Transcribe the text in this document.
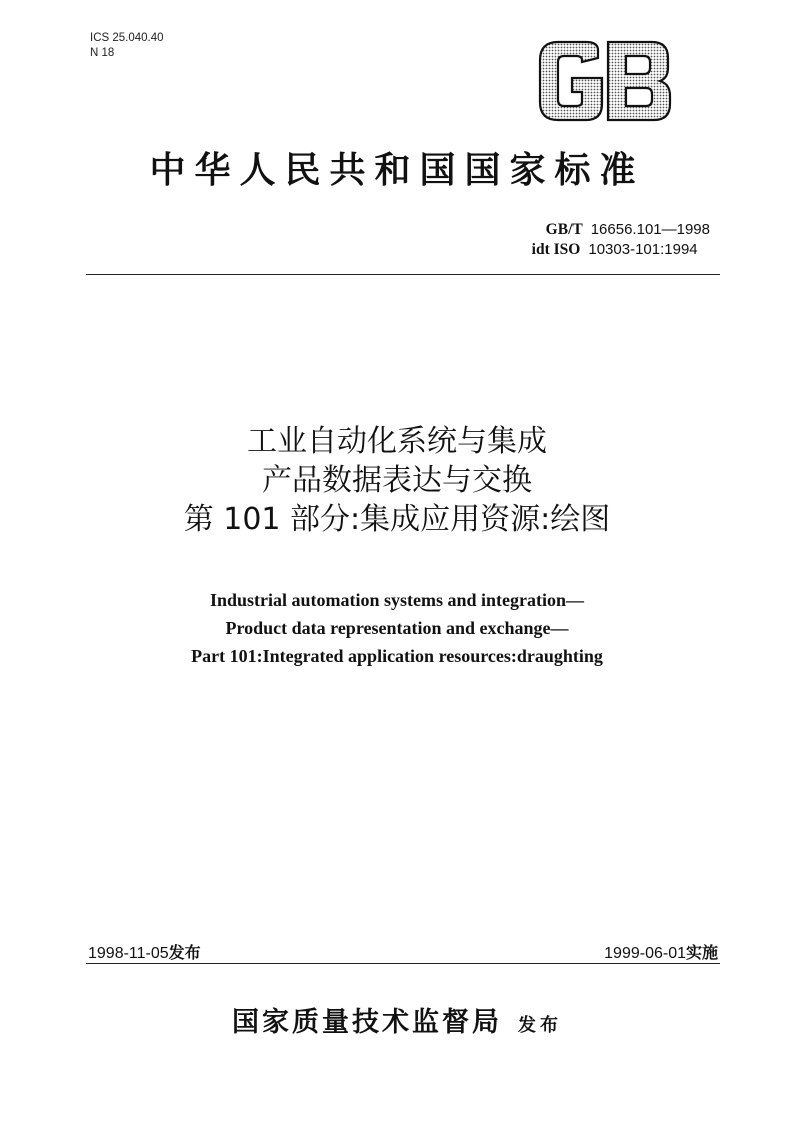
ICS 25.040.40
N 18
中华人民共和国国家标准
GB/T 16656.101—1998
idt ISO 10303-101:1994
工业自动化系统与集成
产品数据表达与交换
第 101 部分:集成应用资源:绘图
Industrial automation systems and integration—
Product data representation and exchange—
Part 101:Integrated application resources:draughting
1998-11-05发布	1999-06-01实施
国家质量技术监督局 发布
